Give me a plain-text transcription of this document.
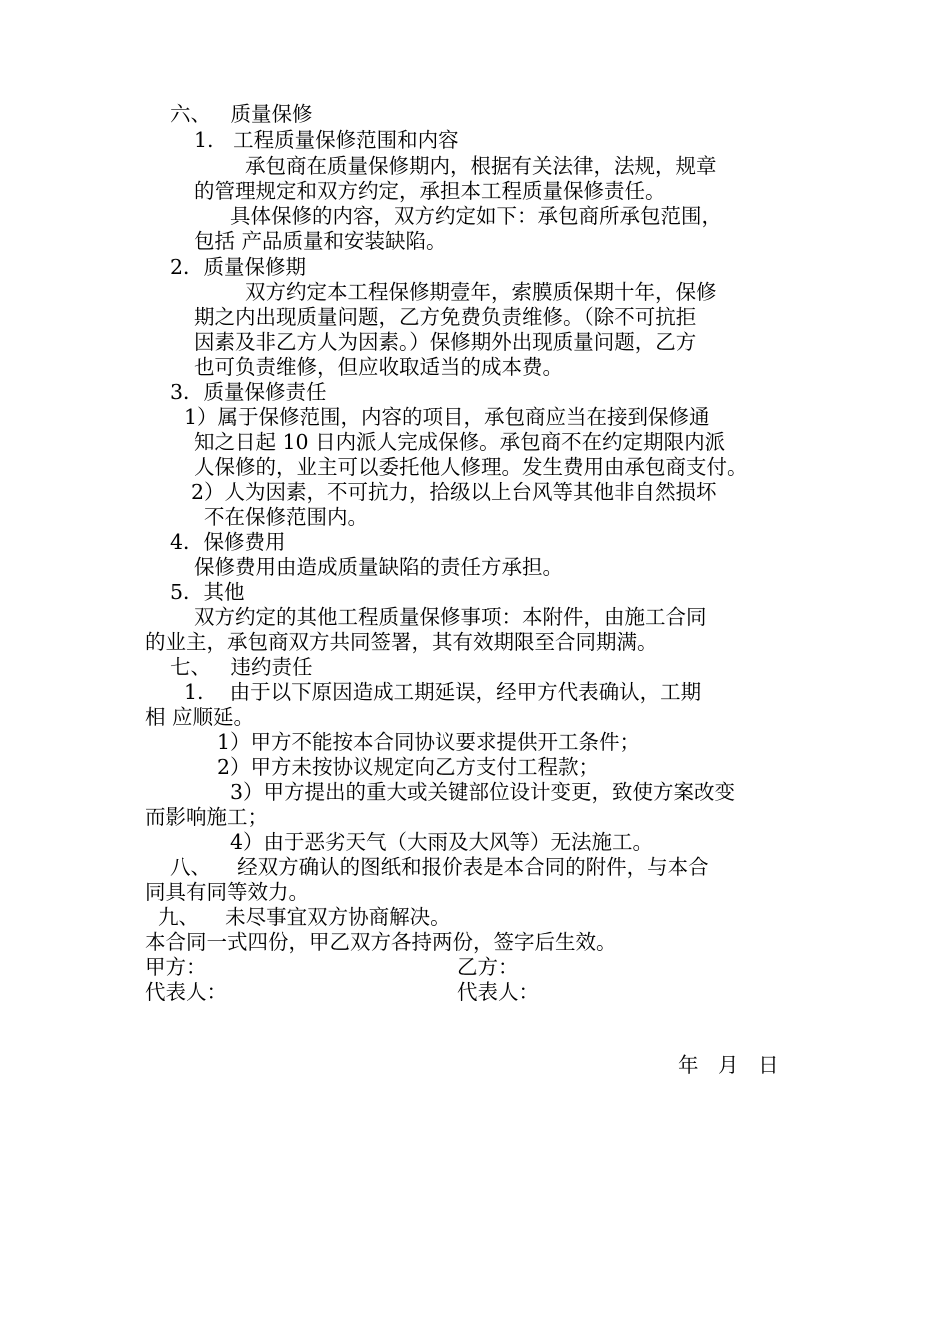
六、   质量保修
1.   工程质量保修范围和内容
承包商在质量保修期内，根据有关法律，法规，规章
的管理规定和双方约定，承担本工程质量保修责任。
具体保修的内容，双方约定如下：承包商所承包范围，
包括 产品质量和安装缺陷。
2．质量保修期
双方约定本工程保修期壹年，索膜质保期十年，保修
期之内出现质量问题，乙方免费负责维修。（除不可抗拒
因素及非乙方人为因素。）保修期外出现质量问题，乙方
也可负责维修，但应收取适当的成本费。
3．质量保修责任
1）属于保修范围，内容的项目，承包商应当在接到保修通
知之日起 10 日内派人完成保修。承包商不在约定期限内派
人保修的，业主可以委托他人修理。发生费用由承包商支付。
2）人为因素，不可抗力，拾级以上台风等其他非自然损坏
不在保修范围内。
4．保修费用
保修费用由造成质量缺陷的责任方承担。
5．其他
双方约定的其他工程质量保修事项：本附件，由施工合同
的业主，承包商双方共同签署，其有效期限至合同期满。
七、   违约责任
1.    由于以下原因造成工期延误，经甲方代表确认，工期
相 应顺延。
1）甲方不能按本合同协议要求提供开工条件；
2）甲方未按协议规定向乙方支付工程款；
3）甲方提出的重大或关键部位设计变更，致使方案改变
而影响施工；
4）由于恶劣天气（大雨及大风等）无法施工。
八、    经双方确认的图纸和报价表是本合同的附件，与本合
同具有同等效力。
九、    未尽事宜双方协商解决。
本合同一式四份，甲乙双方各持两份，签字后生效。
甲方：	乙方：
代表人：	代表人：
年   月   日
